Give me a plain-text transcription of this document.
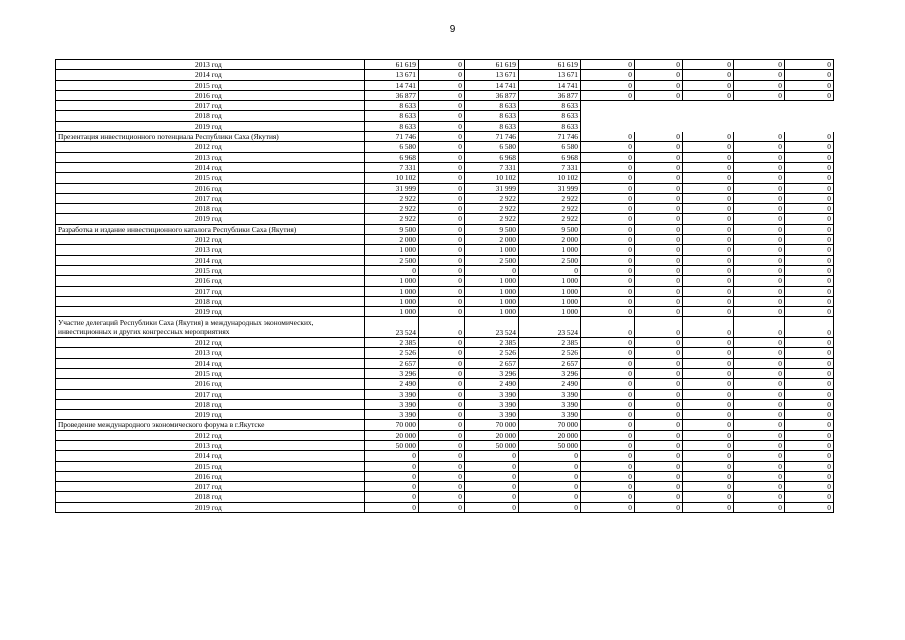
9
2013 год	61 619	0	61 619	61 619	0	0	0	0	0
2014 год	13 671	0	13 671	13 671	0	0	0	0	0
2015 год	14 741	0	14 741	14 741	0	0	0	0	0
2016 год	36 877	0	36 877	36 877	0	0	0	0	0
2017 год	8 633	0	8 633	8 633					
2018 год	8 633	0	8 633	8 633					
2019 год	8 633	0	8 633	8 633					
Презентация инвестиционного потенциала Республики Саха (Якутия)	71 746	0	71 746	71 746	0	0	0	0	0
2012 год	6 580	0	6 580	6 580	0	0	0	0	0
2013 год	6 968	0	6 968	6 968	0	0	0	0	0
2014 год	7 331	0	7 331	7 331	0	0	0	0	0
2015 год	10 102	0	10 102	10 102	0	0	0	0	0
2016 год	31 999	0	31 999	31 999	0	0	0	0	0
2017 год	2 922	0	2 922	2 922	0	0	0	0	0
2018 год	2 922	0	2 922	2 922	0	0	0	0	0
2019 год	2 922	0	2 922	2 922	0	0	0	0	0
Разработка и издание инвестиционного каталога Республики Саха (Якутия)	9 500	0	9 500	9 500	0	0	0	0	0
2012 год	2 000	0	2 000	2 000	0	0	0	0	0
2013 год	1 000	0	1 000	1 000	0	0	0	0	0
2014 год	2 500	0	2 500	2 500	0	0	0	0	0
2015 год	0	0	0	0	0	0	0	0	0
2016 год	1 000	0	1 000	1 000	0	0	0	0	0
2017 год	1 000	0	1 000	1 000	0	0	0	0	0
2018 год	1 000	0	1 000	1 000	0	0	0	0	0
2019 год	1 000	0	1 000	1 000	0	0	0	0	0
Участие делегаций Республики Саха (Якутия) в международных экономических, инвестиционных и других конгрессных мероприятиях	23 524	0	23 524	23 524	0	0	0	0	0
2012 год	2 385	0	2 385	2 385	0	0	0	0	0
2013 год	2 526	0	2 526	2 526	0	0	0	0	0
2014 год	2 657	0	2 657	2 657	0	0	0	0	0
2015 год	3 296	0	3 296	3 296	0	0	0	0	0
2016 год	2 490	0	2 490	2 490	0	0	0	0	0
2017 год	3 390	0	3 390	3 390	0	0	0	0	0
2018 год	3 390	0	3 390	3 390	0	0	0	0	0
2019 год	3 390	0	3 390	3 390	0	0	0	0	0
Проведение международного экономического форума в г.Якутске	70 000	0	70 000	70 000	0	0	0	0	0
2012 год	20 000	0	20 000	20 000	0	0	0	0	0
2013 год	50 000	0	50 000	50 000	0	0	0	0	0
2014 год	0	0	0	0	0	0	0	0	0
2015 год	0	0	0	0	0	0	0	0	0
2016 год	0	0	0	0	0	0	0	0	0
2017 год	0	0	0	0	0	0	0	0	0
2018 год	0	0	0	0	0	0	0	0	0
2019 год	0	0	0	0	0	0	0	0	0
